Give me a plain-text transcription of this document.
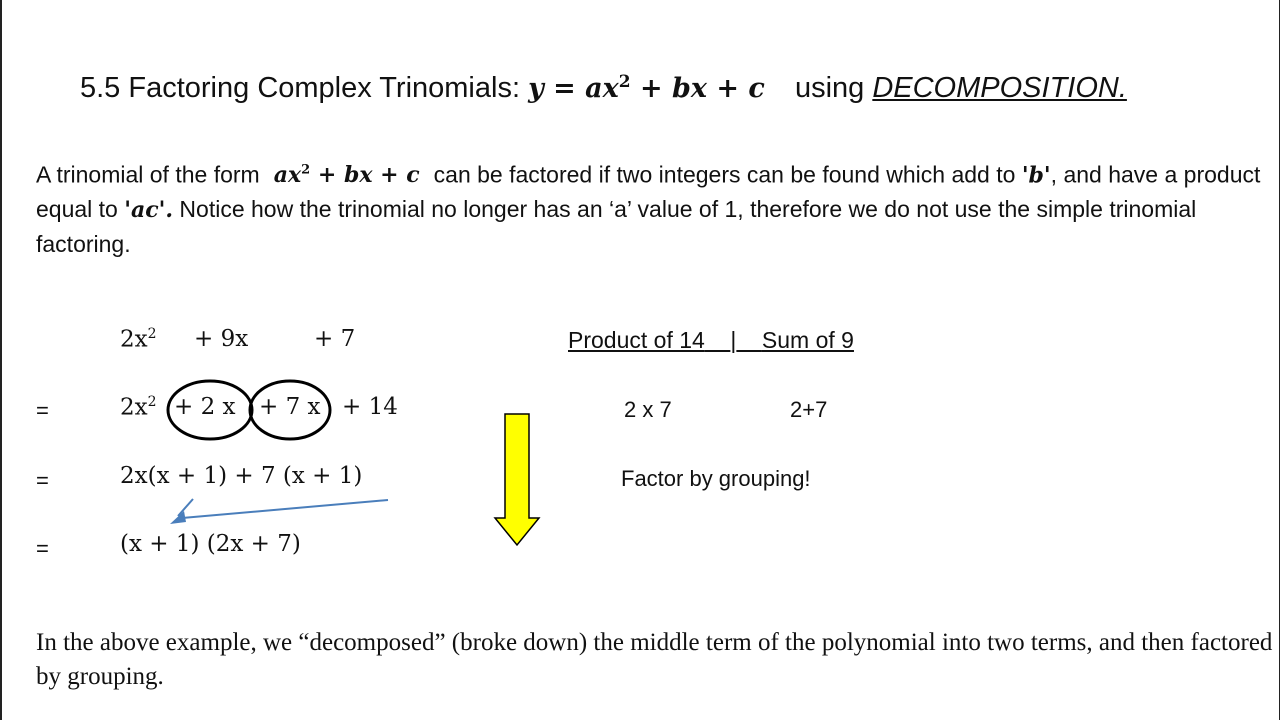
5.5 Factoring Complex Trinomials: $y = ax^2$ + bx + c using DECOMPOSITION.
A trinomial of the form $ax^2$ + bx + c can be factored if two integers can be found which add to 'b', and have a product equal to 'ac'. Notice how the trinomial no longer has an ‘a’ value of 1, therefore we do not use the simple trinomial factoring.
$2x^2 + 9x$	+ 7
=	$2x^2 + 2$ x + 7 x + 14
=	2x(x + 1) + 7 (x + 1)
=	(x + 1) (2x + 7)
Product of 14 | Sum of 9
2 x 7	2+7
Factor by grouping!
In the above example, we “decomposed” (broke down) the middle term of the polynomial into two terms, and then factored by grouping.
